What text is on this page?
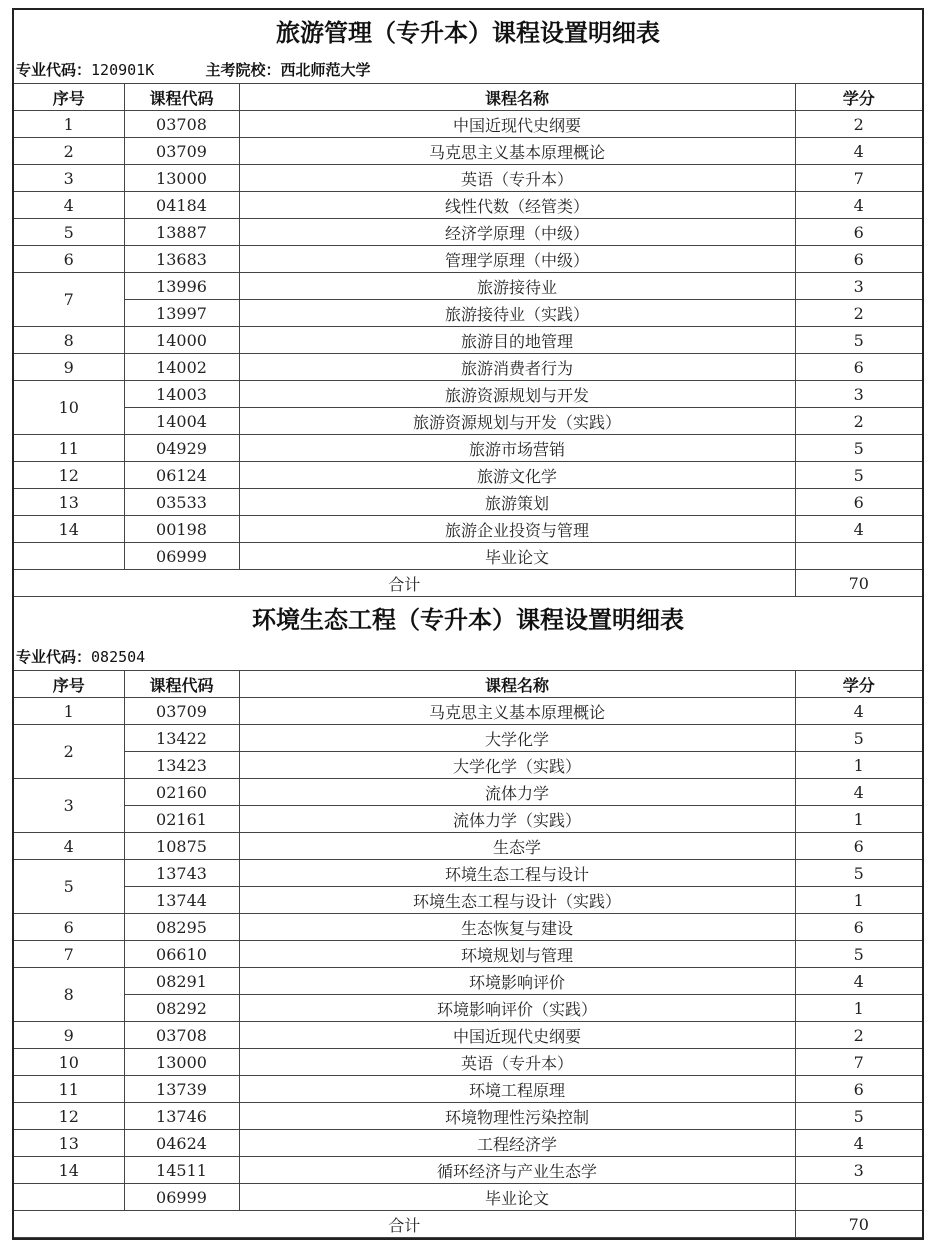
旅游管理（专升本）课程设置明细表
专业代码：120901K	主考院校：西北师范大学
序号	课程代码	课程名称	学分
1	03708	中国近现代史纲要	2
2	03709	马克思主义基本原理概论	4
3	13000	英语（专升本）	7
4	04184	线性代数（经管类）	4
5	13887	经济学原理（中级）	6
6	13683	管理学原理（中级）	6
7	13996	旅游接待业	3
	13997	旅游接待业（实践）	2
8	14000	旅游目的地管理	5
9	14002	旅游消费者行为	6
10	14003	旅游资源规划与开发	3
	14004	旅游资源规划与开发（实践）	2
11	04929	旅游市场营销	5
12	06124	旅游文化学	5
13	03533	旅游策划	6
14	00198	旅游企业投资与管理	4
	06999	毕业论文	
合计			70
环境生态工程（专升本）课程设置明细表
专业代码：082504
序号	课程代码	课程名称	学分
1	03709	马克思主义基本原理概论	4
2	13422	大学化学	5
	13423	大学化学（实践）	1
3	02160	流体力学	4
	02161	流体力学（实践）	1
4	10875	生态学	6
5	13743	环境生态工程与设计	5
	13744	环境生态工程与设计（实践）	1
6	08295	生态恢复与建设	6
7	06610	环境规划与管理	5
8	08291	环境影响评价	4
	08292	环境影响评价（实践）	1
9	03708	中国近现代史纲要	2
10	13000	英语（专升本）	7
11	13739	环境工程原理	6
12	13746	环境物理性污染控制	5
13	04624	工程经济学	4
14	14511	循环经济与产业生态学	3
	06999	毕业论文	
合计			70
